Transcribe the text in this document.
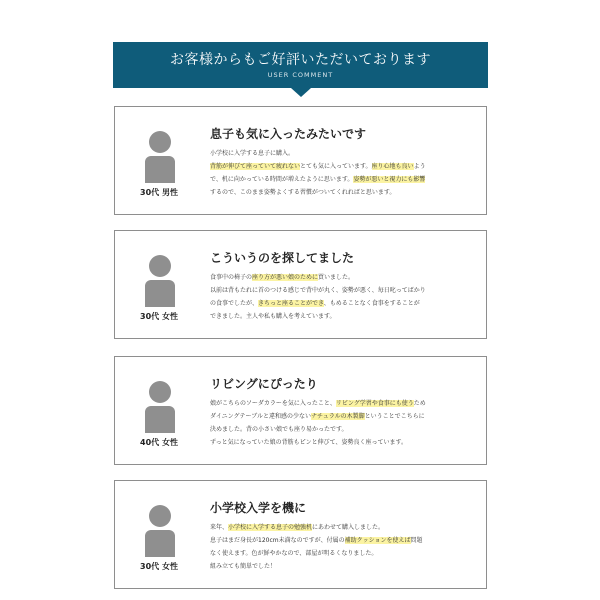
お客様からもご好評いただいております
USER COMMENT
30代 男性
息子も気に入ったみたいです
小学校に入学する息子に購入。
背筋が伸びて座っていて疲れないとても気に入っています。座り心地も良いよう
で、机に向かっている時間が増えたように思います。姿勢が悪いと視力にも影響
するので、このまま姿勢よくする習慣がついてくれればと思います。
30代 女性
こういうのを探してました
食事中の椅子の座り方が悪い娘のために買いました。
以前は背もたれに首のつける感じで背中が丸く、姿勢が悪く、毎日叱ってばかり
の食事でしたが、きちっと座ることができ、もめることなく食事をすることが
できました。主人や私も購入を考えています。
40代 女性
リビングにぴったり
娘がこちらのソーダカラーを気に入ったこと、リビング学習や食事にも使うため
ダイニングテーブルと違和感の少ないナチュラルの木製脚ということでこちらに
決めました。背の小さい娘でも座り易かったです。
ずっと気になっていた娘の背筋もピンと伸びて、姿勢良く座っています。
30代 女性
小学校入学を機に
来年、小学校に入学する息子の勉強机にあわせて購入しました。
息子はまだ身長が120cm未満なのですが、付属の補助クッションを使えば問題
なく使えます。色が鮮やかなので、部屋が明るくなりました。
組み立ても簡単でした！
